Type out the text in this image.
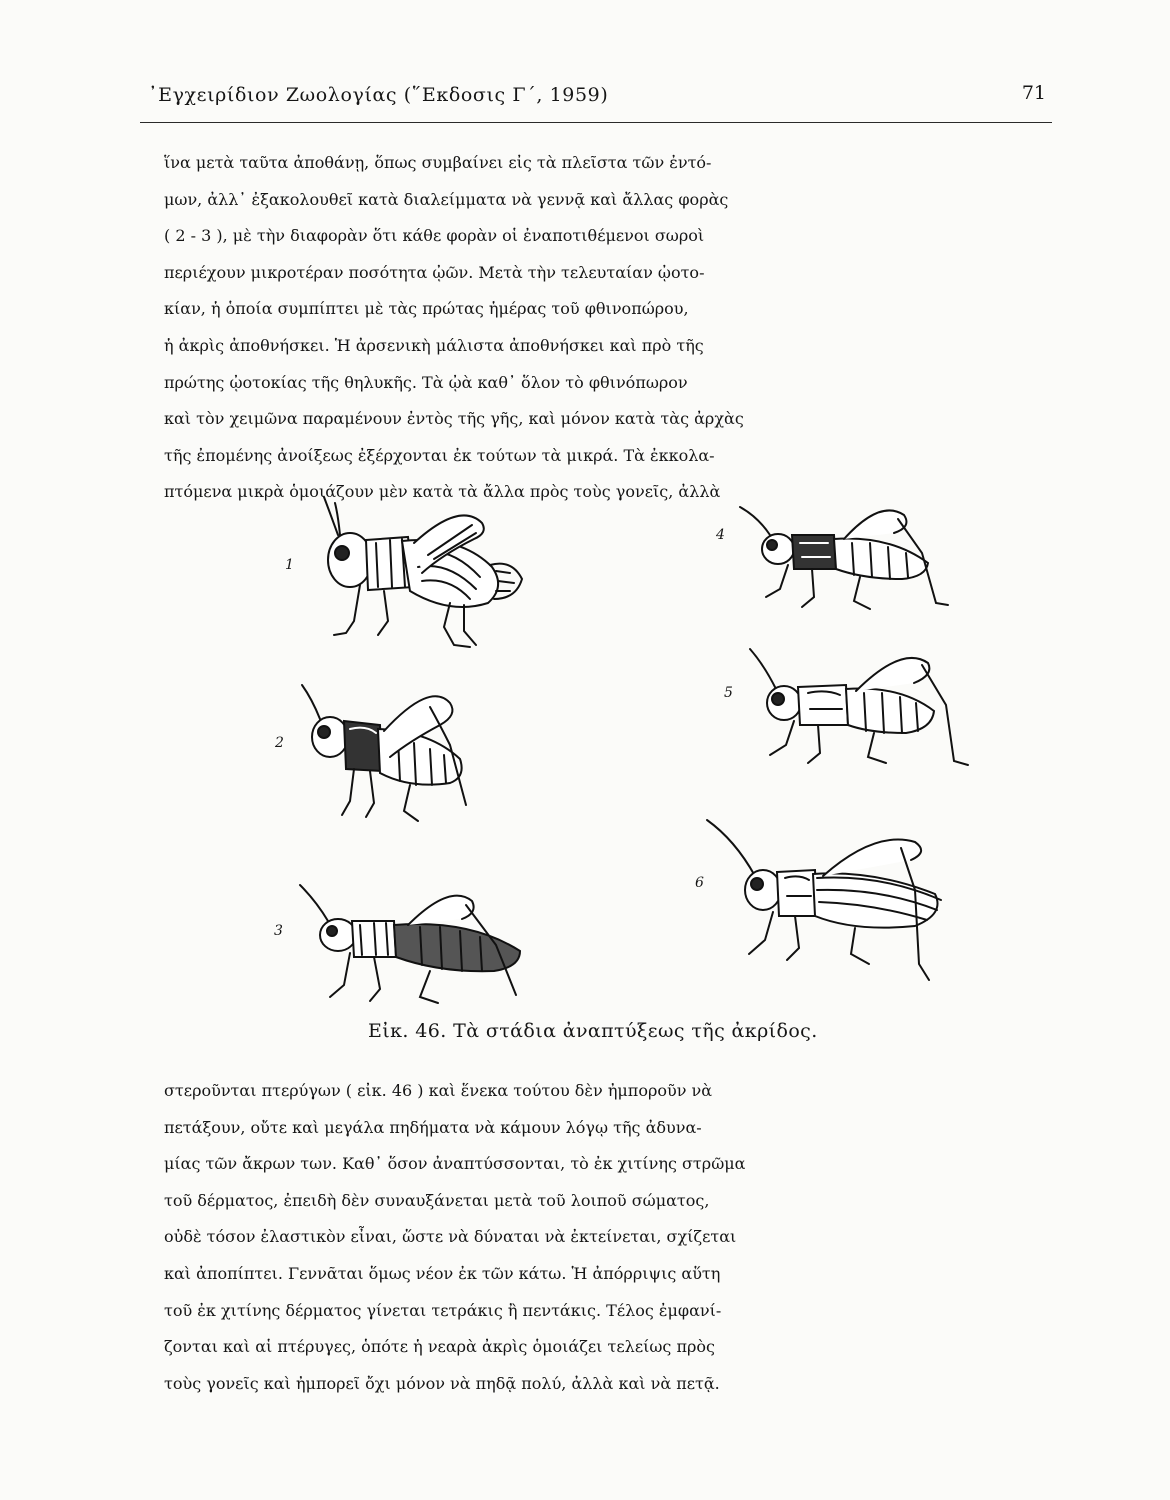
᾿Εγχειρίδιον Ζωολογίας (῞Εκδοσις Γ΄, 1959)	71
ἵνα μετὰ ταῦτα ἀποθάνῃ, ὅπως συμβαίνει εἰς τὰ πλεῖστα τῶν ἐντό-
μων, ἀλλ᾿ ἐξακολουθεῖ κατὰ διαλείμματα νὰ γεννᾷ καὶ ἄλλας φορὰς
( 2 - 3 ), μὲ τὴν διαφορὰν ὅτι κάθε φορὰν οἱ ἐναποτιθέμενοι σωροὶ
περιέχουν μικροτέραν ποσότητα ᾠῶν. Μετὰ τὴν τελευταίαν ᾠοτο-
κίαν, ἡ ὁποία συμπίπτει μὲ τὰς πρώτας ἡμέρας τοῦ φθινοπώρου,
ἡ ἀκρὶς ἀποθνήσκει. Ἡ ἀρσενικὴ μάλιστα ἀποθνήσκει καὶ πρὸ τῆς
πρώτης ᾠοτοκίας τῆς θηλυκῆς. Τὰ ᾠὰ καθ᾿ ὅλον τὸ φθινόπωρον
καὶ τὸν χειμῶνα παραμένουν ἐντὸς τῆς γῆς, καὶ μόνον κατὰ τὰς ἀρχὰς
τῆς ἐπομένης ἀνοίξεως ἐξέρχονται ἐκ τούτων τὰ μικρά. Τὰ ἐκκολα-
πτόμενα μικρὰ ὁμοιάζουν μὲν κατὰ τὰ ἄλλα πρὸς τοὺς γονεῖς, ἀλλὰ
1
2
3
4
5
6
Εἰκ. 46. Τὰ στάδια ἀναπτύξεως τῆς ἀκρίδος.
στεροῦνται πτερύγων ( εἰκ. 46 ) καὶ ἕνεκα τούτου δὲν ἠμποροῦν νὰ
πετάξουν, οὔτε καὶ μεγάλα πηδήματα νὰ κάμουν λόγῳ τῆς ἀδυνα-
μίας τῶν ἄκρων των. Καθ᾿ ὅσον ἀναπτύσσονται, τὸ ἐκ χιτίνης στρῶμα
τοῦ δέρματος, ἐπειδὴ δὲν συναυξάνεται μετὰ τοῦ λοιποῦ σώματος,
οὐδὲ τόσον ἐλαστικὸν εἶναι, ὥστε νὰ δύναται νὰ ἐκτείνεται, σχίζεται
καὶ ἀποπίπτει. Γεννᾶται ὅμως νέον ἐκ τῶν κάτω. Ἡ ἀπόρριψις αὕτη
τοῦ ἐκ χιτίνης δέρματος γίνεται τετράκις ἢ πεντάκις. Τέλος ἐμφανί-
ζονται καὶ αἱ πτέρυγες, ὁπότε ἡ νεαρὰ ἀκρὶς ὁμοιάζει τελείως πρὸς
τοὺς γονεῖς καὶ ἠμπορεῖ ὄχι μόνον νὰ πηδᾷ πολύ, ἀλλὰ καὶ νὰ πετᾷ.
